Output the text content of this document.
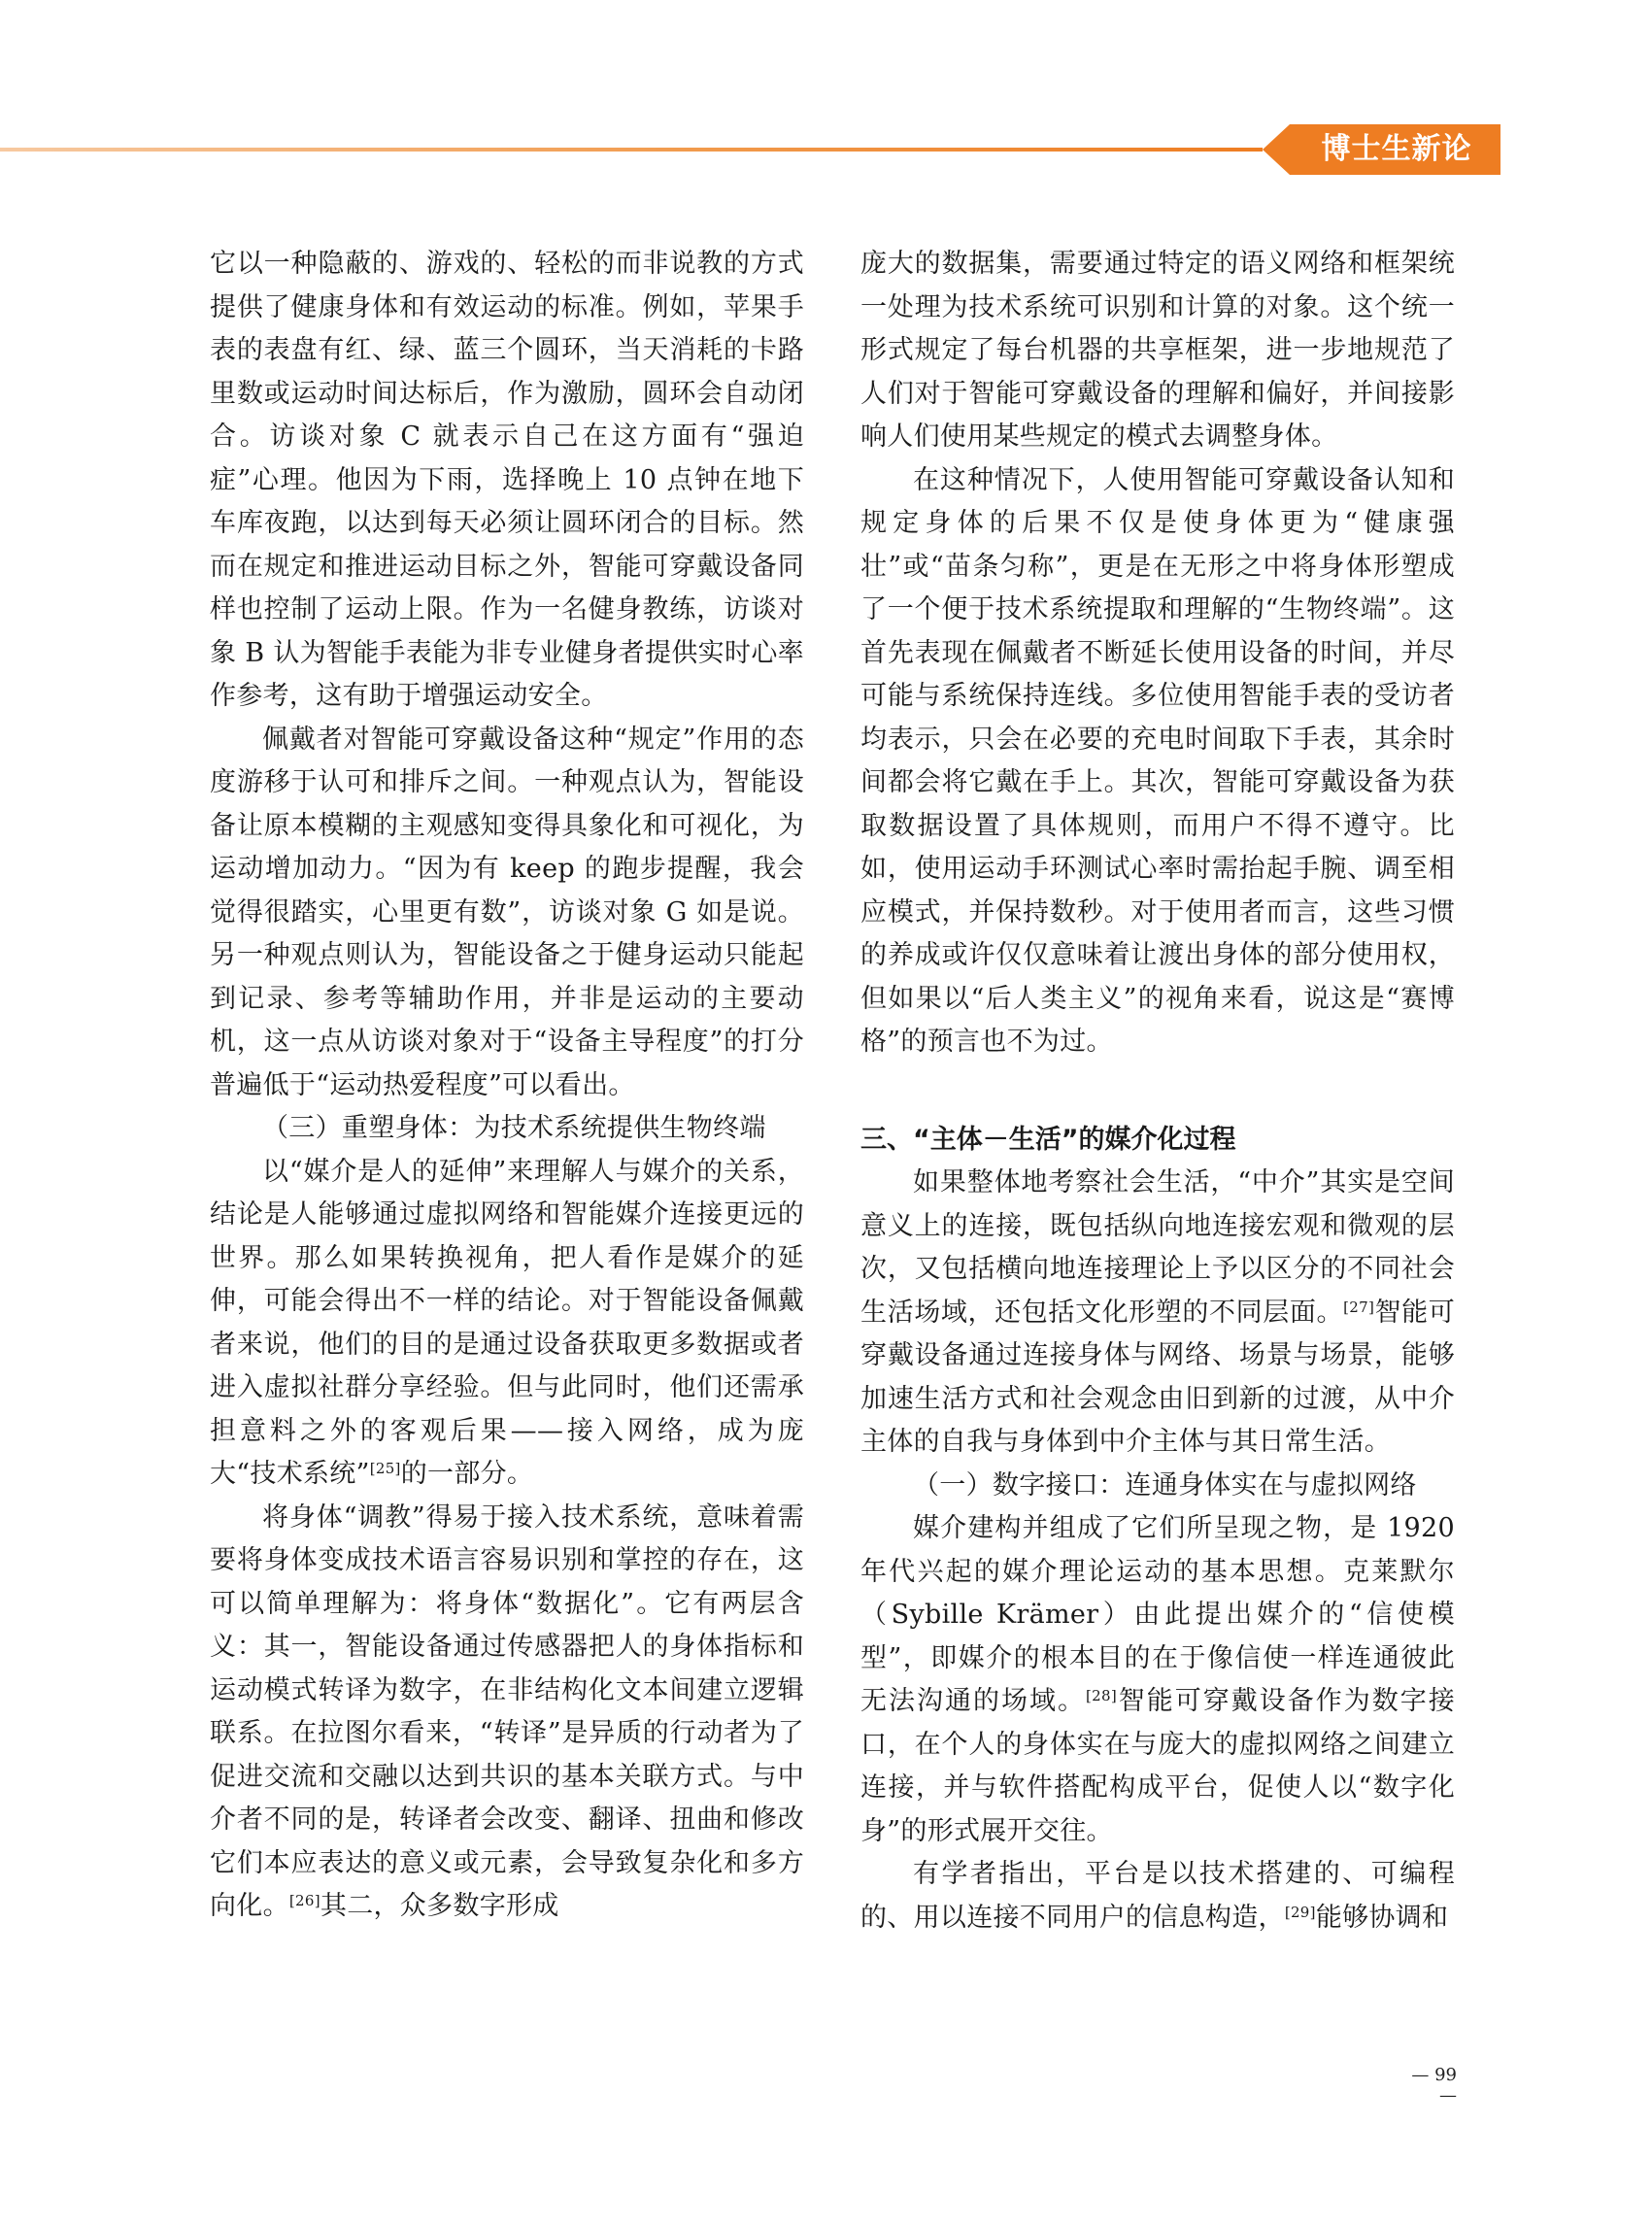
博士生新论

它以一种隐蔽的、游戏的、轻松的而非说教的方式提供了健康身体和有效运动的标准。例如，苹果手表的表盘有红、绿、蓝三个圆环，当天消耗的卡路里数或运动时间达标后，作为激励，圆环会自动闭合。访谈对象 C 就表示自己在这方面有“强迫症”心理。他因为下雨，选择晚上 10 点钟在地下车库夜跑，以达到每天必须让圆环闭合的目标。然而在规定和推进运动目标之外，智能可穿戴设备同样也控制了运动上限。作为一名健身教练，访谈对象 B 认为智能手表能为非专业健身者提供实时心率作参考，这有助于增强运动安全。

佩戴者对智能可穿戴设备这种“规定”作用的态度游移于认可和排斥之间。一种观点认为，智能设备让原本模糊的主观感知变得具象化和可视化，为运动增加动力。“因为有 keep 的跑步提醒，我会觉得很踏实，心里更有数”，访谈对象 G 如是说。另一种观点则认为，智能设备之于健身运动只能起到记录、参考等辅助作用，并非是运动的主要动机，这一点从访谈对象对于“设备主导程度”的打分普遍低于“运动热爱程度”可以看出。

（三）重塑身体：为技术系统提供生物终端

以“媒介是人的延伸”来理解人与媒介的关系，结论是人能够通过虚拟网络和智能媒介连接更远的世界。那么如果转换视角，把人看作是媒介的延伸，可能会得出不一样的结论。对于智能设备佩戴者来说，他们的目的是通过设备获取更多数据或者进入虚拟社群分享经验。但与此同时，他们还需承担意料之外的客观后果——接入网络，成为庞大“技术系统”[25]的一部分。

将身体“调教”得易于接入技术系统，意味着需要将身体变成技术语言容易识别和掌控的存在，这可以简单理解为：将身体“数据化”。它有两层含义：其一，智能设备通过传感器把人的身体指标和运动模式转译为数字，在非结构化文本间建立逻辑联系。在拉图尔看来，“转译”是异质的行动者为了促进交流和交融以达到共识的基本关联方式。与中介者不同的是，转译者会改变、翻译、扭曲和修改它们本应表达的意义或元素，会导致复杂化和多方向化。[26]其二，众多数字形成

庞大的数据集，需要通过特定的语义网络和框架统一处理为技术系统可识别和计算的对象。这个统一形式规定了每台机器的共享框架，进一步地规范了人们对于智能可穿戴设备的理解和偏好，并间接影响人们使用某些规定的模式去调整身体。

在这种情况下，人使用智能可穿戴设备认知和规定身体的后果不仅是使身体更为“健康强壮”或“苗条匀称”，更是在无形之中将身体形塑成了一个便于技术系统提取和理解的“生物终端”。这首先表现在佩戴者不断延长使用设备的时间，并尽可能与系统保持连线。多位使用智能手表的受访者均表示，只会在必要的充电时间取下手表，其余时间都会将它戴在手上。其次，智能可穿戴设备为获取数据设置了具体规则，而用户不得不遵守。比如，使用运动手环测试心率时需抬起手腕、调至相应模式，并保持数秒。对于使用者而言，这些习惯的养成或许仅仅意味着让渡出身体的部分使用权，但如果以“后人类主义”的视角来看，说这是“赛博格”的预言也不为过。

三、“主体－生活”的媒介化过程

如果整体地考察社会生活，“中介”其实是空间意义上的连接，既包括纵向地连接宏观和微观的层次，又包括横向地连接理论上予以区分的不同社会生活场域，还包括文化形塑的不同层面。[27]智能可穿戴设备通过连接身体与网络、场景与场景，能够加速生活方式和社会观念由旧到新的过渡，从中介主体的自我与身体到中介主体与其日常生活。

（一）数字接口：连通身体实在与虚拟网络

媒介建构并组成了它们所呈现之物，是 1920 年代兴起的媒介理论运动的基本思想。克莱默尔（Sybille Krämer）由此提出媒介的“信使模型”，即媒介的根本目的在于像信使一样连通彼此无法沟通的场域。[28]智能可穿戴设备作为数字接口，在个人的身体实在与庞大的虚拟网络之间建立连接，并与软件搭配构成平台，促使人以“数字化身”的形式展开交往。

有学者指出，平台是以技术搭建的、可编程的、用以连接不同用户的信息构造，[29]能够协调和

— 99—
